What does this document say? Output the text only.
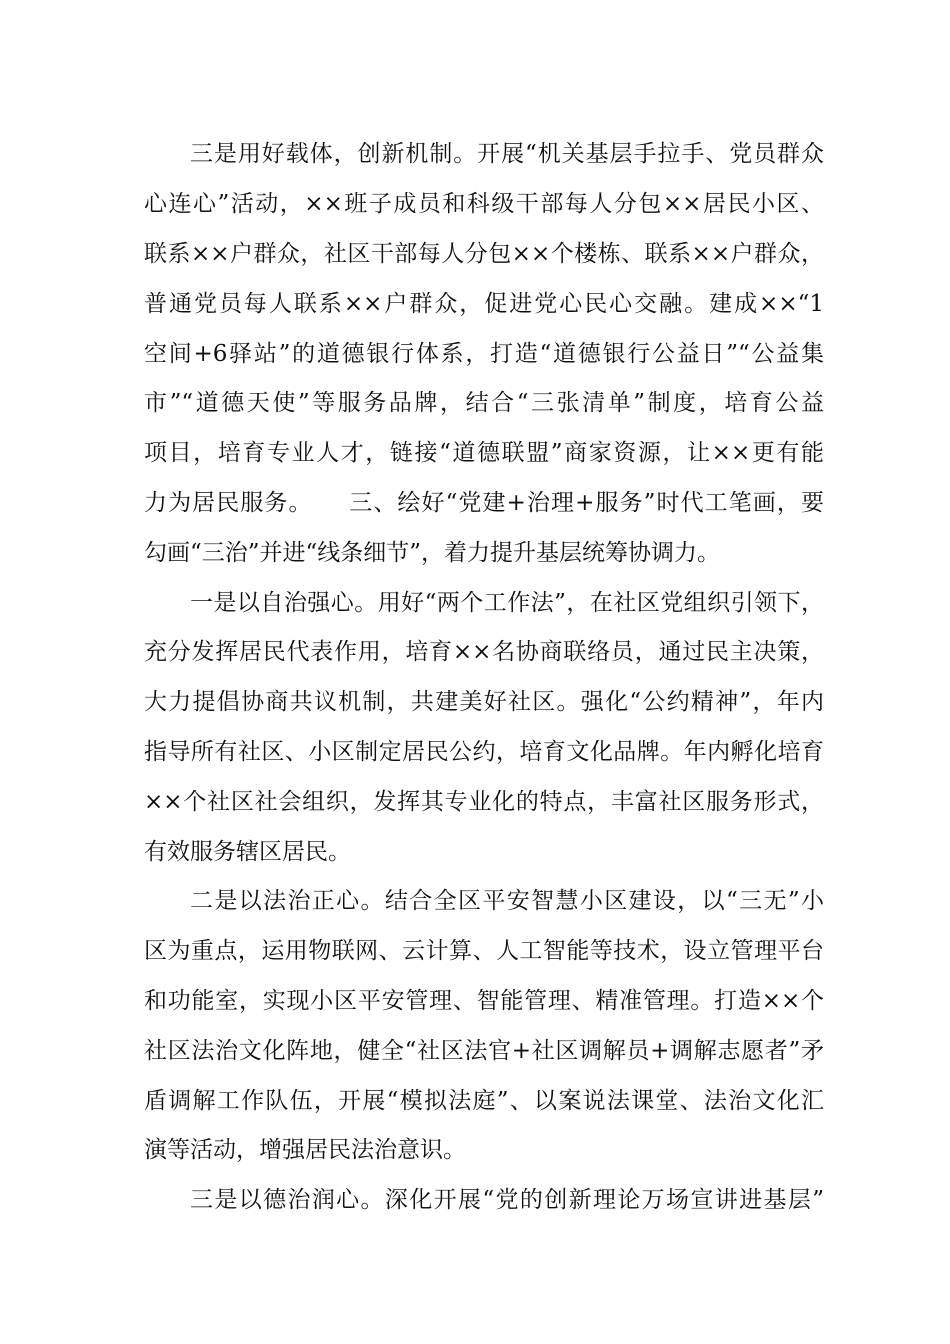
三是用好载体，创新机制。开展“机关基层手拉手、党员群众
心连心”活动，××班子成员和科级干部每人分包××居民小区、
联系××户群众，社区干部每人分包××个楼栋、联系××户群众，
普通党员每人联系××户群众，促进党心民心交融。建成××“1
空间+6驿站”的道德银行体系，打造“道德银行公益日”“公益集
市”“道德天使”等服务品牌，结合“三张清单”制度，培育公益
项目，培育专业人才，链接“道德联盟”商家资源，让××更有能
力为居民服务。　　三、绘好“党建+治理+服务”时代工笔画，要
勾画“三治”并进“线条细节”，着力提升基层统筹协调力。
一是以自治强心。用好“两个工作法”，在社区党组织引领下，
充分发挥居民代表作用，培育××名协商联络员，通过民主决策，
大力提倡协商共议机制，共建美好社区。强化“公约精神”，年内
指导所有社区、小区制定居民公约，培育文化品牌。年内孵化培育
××个社区社会组织，发挥其专业化的特点，丰富社区服务形式，
有效服务辖区居民。
二是以法治正心。结合全区平安智慧小区建设，以“三无”小
区为重点，运用物联网、云计算、人工智能等技术，设立管理平台
和功能室，实现小区平安管理、智能管理、精准管理。打造××个
社区法治文化阵地，健全“社区法官+社区调解员+调解志愿者”矛
盾调解工作队伍，开展“模拟法庭”、以案说法课堂、法治文化汇
演等活动，增强居民法治意识。
三是以德治润心。深化开展“党的创新理论万场宣讲进基层”
